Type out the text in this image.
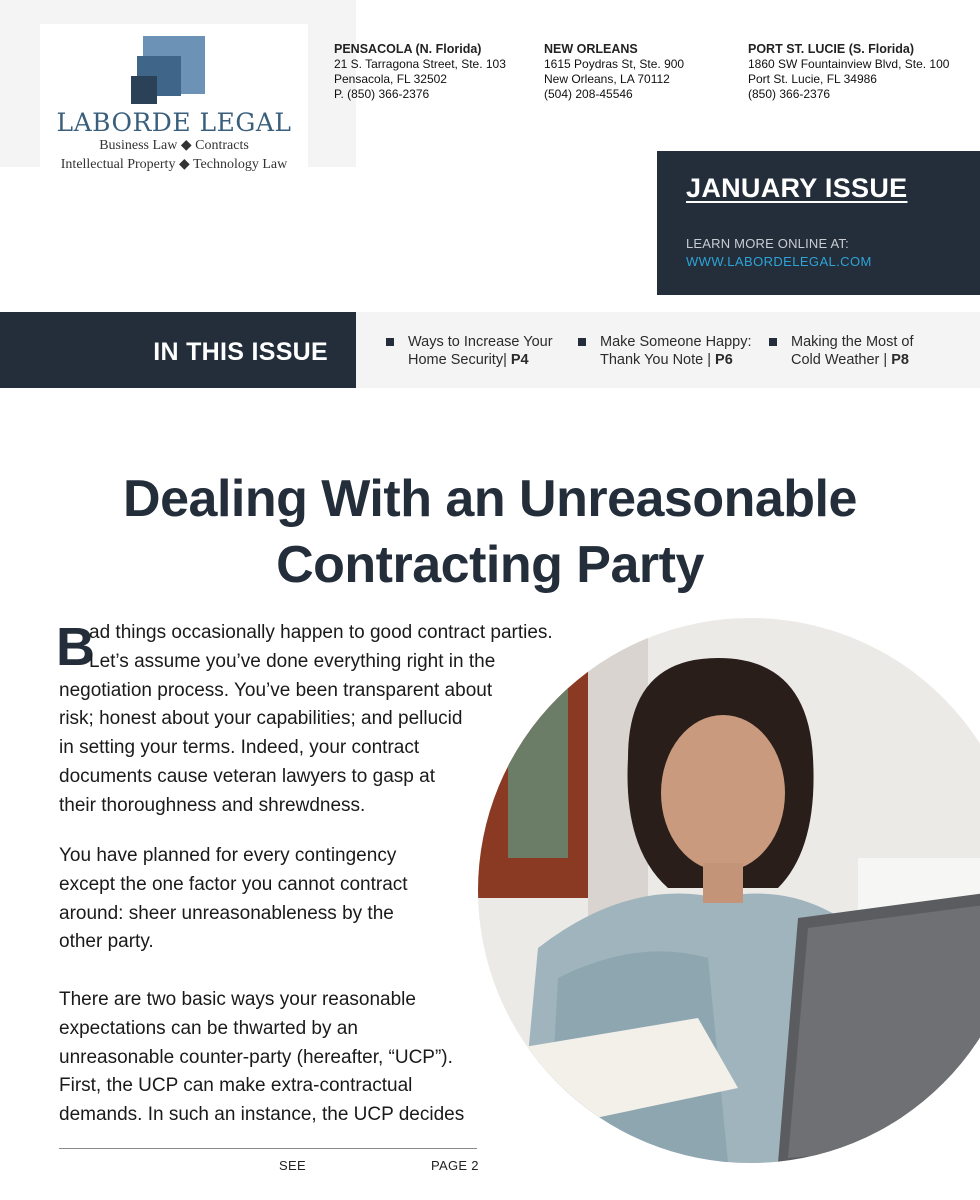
LABORDE LEGAL
Business Law ◆ Contracts
Intellectual Property ◆ Technology Law
PENSACOLA (N. Florida)
21 S. Tarragona Street, Ste. 103
Pensacola, FL 32502
P. (850) 366-2376
NEW ORLEANS
1615 Poydras St, Ste. 900
New Orleans, LA 70112
(504) 208-45546
PORT ST. LUCIE (S. Florida)
1860 SW Fountainview Blvd, Ste. 100
Port St. Lucie, FL 34986
(850) 366-2376
JANUARY ISSUE
LEARN MORE ONLINE AT:
WWW.LABORDELEGAL.COM
IN THIS ISSUE	Ways to Increase Your
Home Security| P4
Make Someone Happy:
Thank You Note | P6
Making the Most of
Cold Weather | P8
Dealing With an Unreasonable
Contracting Party
B
ad things occasionally happen to good contract parties.
Let’s assume you’ve done everything right in the
negotiation process. You’ve been transparent about
risk; honest about your capabilities; and pellucid
in setting your terms. Indeed, your contract
documents cause veteran lawyers to gasp at
their thoroughness and shrewdness.
You have planned for every contingency
except the one factor you cannot contract
around: sheer unreasonableness by the
other party.
There are two basic ways your reasonable
expectations can be thwarted by an
unreasonable counter-party (hereafter, “UCP”).
First, the UCP can make extra-contractual
demands. In such an instance, the UCP decides
SEE	PAGE 2
